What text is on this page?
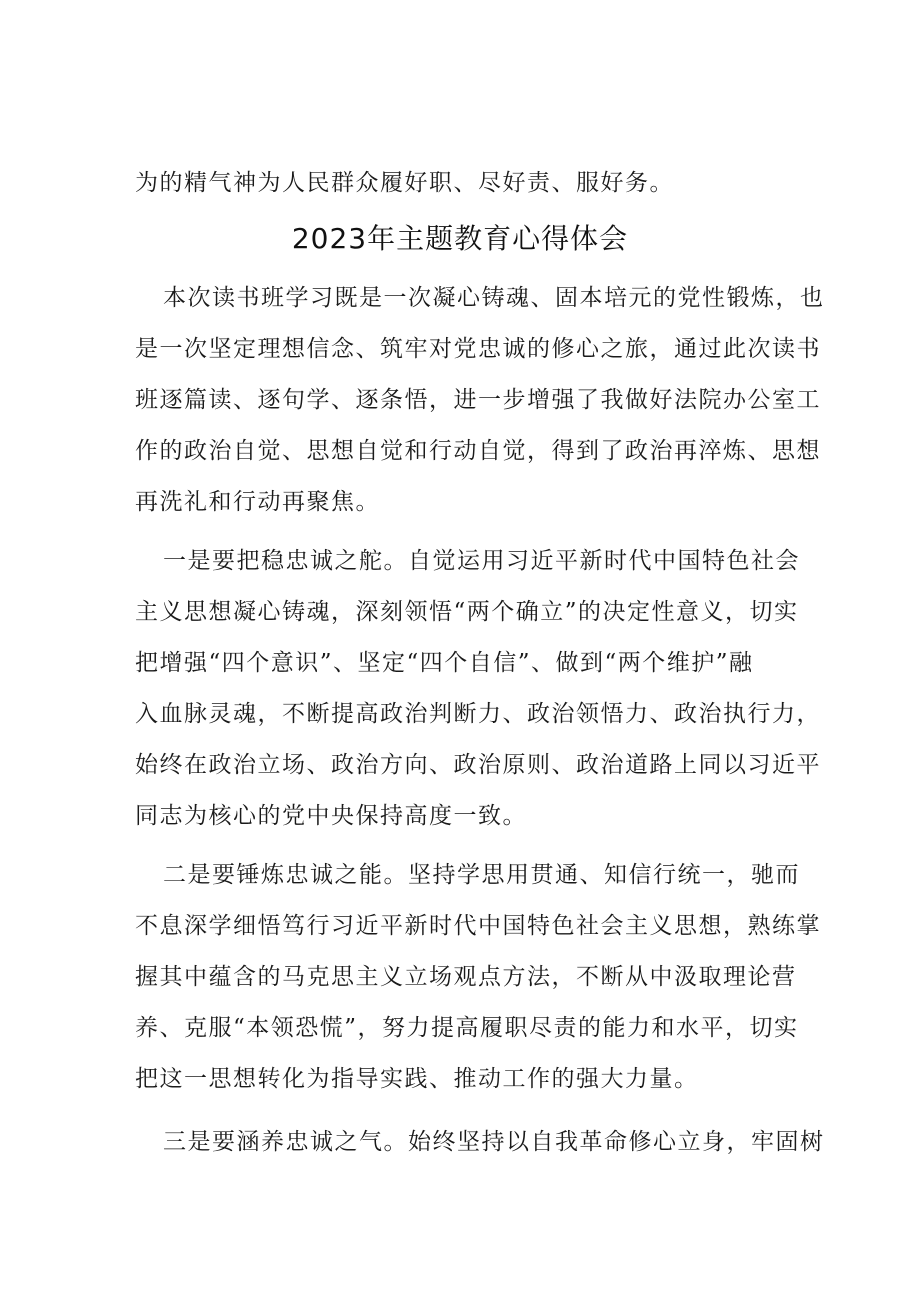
为的精气神为人民群众履好职、尽好责、服好务。
2023年主题教育心得体会
本次读书班学习既是一次凝心铸魂、固本培元的党性锻炼，也
是一次坚定理想信念、筑牢对党忠诚的修心之旅，通过此次读书
班逐篇读、逐句学、逐条悟，进一步增强了我做好法院办公室工
作的政治自觉、思想自觉和行动自觉，得到了政治再淬炼、思想
再洗礼和行动再聚焦。
一是要把稳忠诚之舵。自觉运用习近平新时代中国特色社会
主义思想凝心铸魂，深刻领悟“两个确立”的决定性意义，切实
把增强“四个意识”、坚定“四个自信”、做到“两个维护”融
入血脉灵魂，不断提高政治判断力、政治领悟力、政治执行力，
始终在政治立场、政治方向、政治原则、政治道路上同以习近平
同志为核心的党中央保持高度一致。
二是要锤炼忠诚之能。坚持学思用贯通、知信行统一，驰而
不息深学细悟笃行习近平新时代中国特色社会主义思想，熟练掌
握其中蕴含的马克思主义立场观点方法，不断从中汲取理论营
养、克服“本领恐慌”，努力提高履职尽责的能力和水平，切实
把这一思想转化为指导实践、推动工作的强大力量。
三是要涵养忠诚之气。始终坚持以自我革命修心立身，牢固树
